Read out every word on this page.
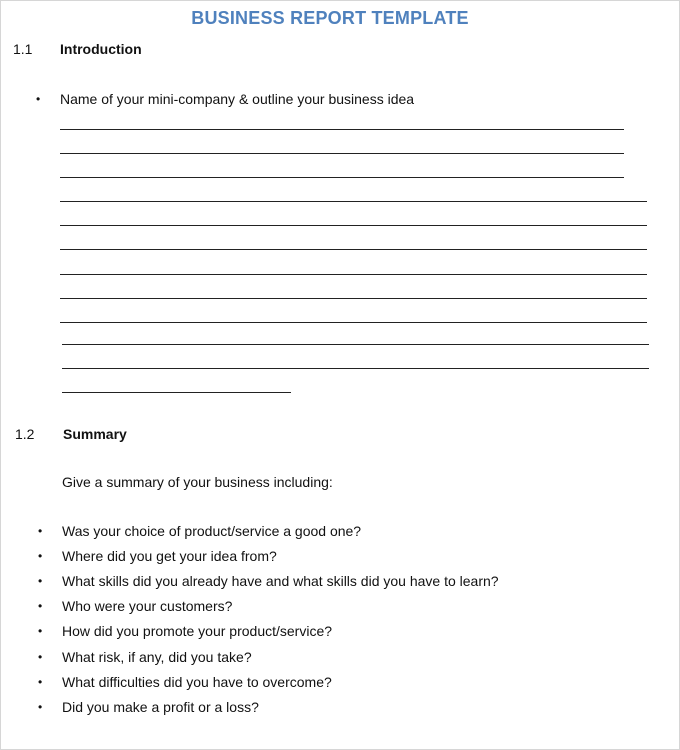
BUSINESS REPORT TEMPLATE
1.1 Introduction
• Name of your mini-company & outline your business idea
1.2 Summary
Give a summary of your business including:
• Was your choice of product/service a good one?
• Where did you get your idea from?
• What skills did you already have and what skills did you have to learn?
• Who were your customers?
• How did you promote your product/service?
• What risk, if any, did you take?
• What difficulties did you have to overcome?
• Did you make a profit or a loss?
